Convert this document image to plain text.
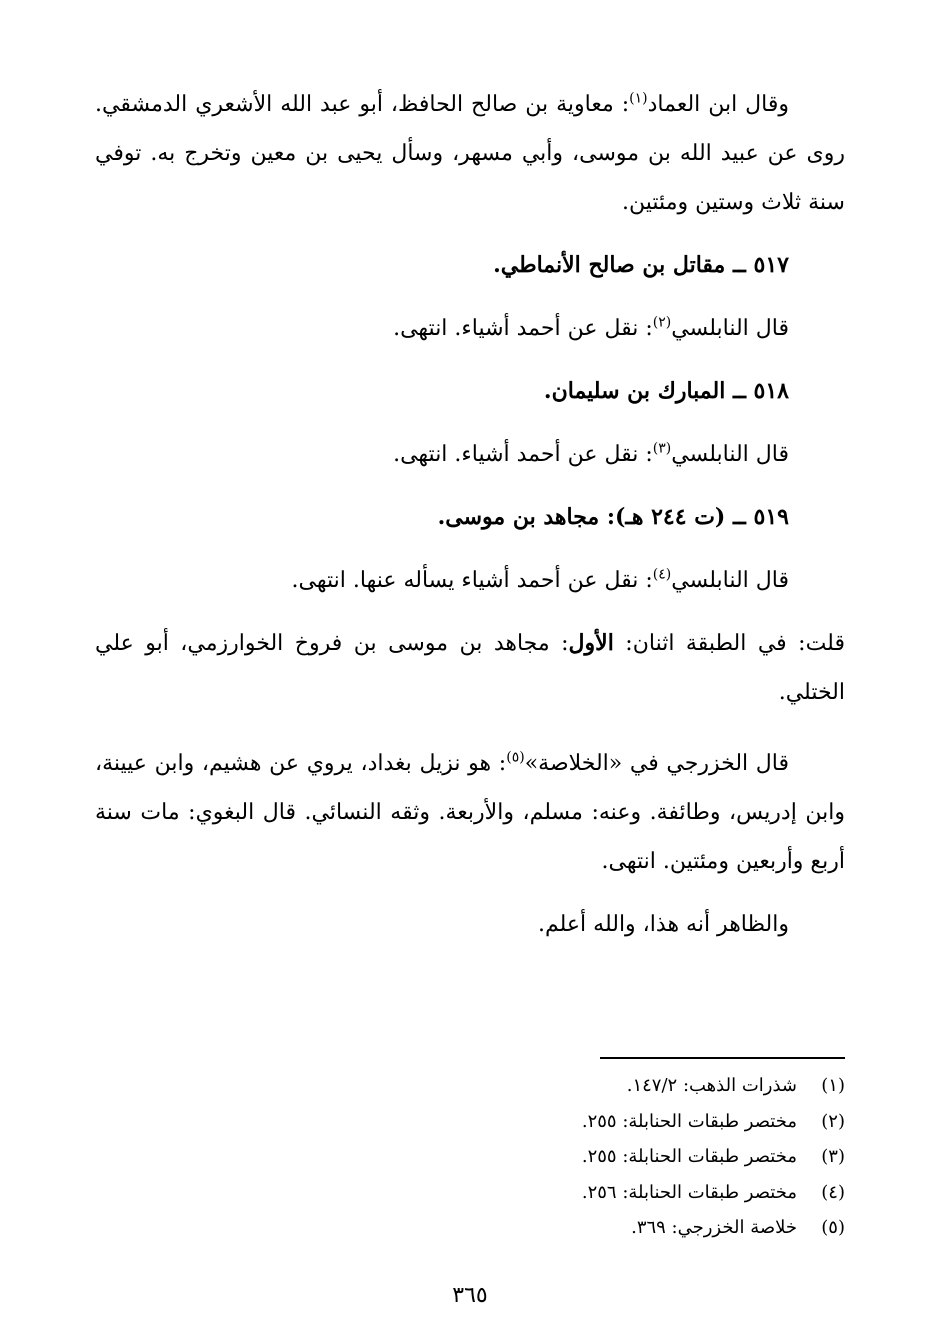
وقال ابن العماد$^{(١)}$: معاوية بن صالح الحافظ، أبو عبد الله الأشعري الدمشقي. روى عن عبيد الله بن موسى، وأبي مسهر، وسأل يحيى بن معين وتخرج به. توفي سنة ثلاث وستين ومئتين.

٥١٧ ــ مقاتل بن صالح الأنماطي.

قال النابلسي$^{(٢)}$: نقل عن أحمد أشياء. انتهى.

٥١٨ ــ المبارك بن سليمان.

قال النابلسي$^{(٣)}$: نقل عن أحمد أشياء. انتهى.

٥١٩ ــ (ت ٢٤٤ هـ): مجاهد بن موسى.

قال النابلسي$^{(٤)}$: نقل عن أحمد أشياء يسأله عنها. انتهى.

قلت: في الطبقة اثنان: الأول: مجاهد بن موسى بن فروخ الخوارزمي، أبو علي الختلي.

قال الخزرجي في «الخلاصة»$^{(٥)}$: هو نزيل بغداد، يروي عن هشيم، وابن عيينة، وابن إدريس، وطائفة. وعنه: مسلم، والأربعة. وثقه النسائي. قال البغوي: مات سنة أربع وأربعين ومئتين. انتهى.

والظاهر أنه هذا، والله أعلم.

(١)شذرات الذهب: ١٤٧/٢.

(٢)مختصر طبقات الحنابلة: ٢٥٥.

(٣)مختصر طبقات الحنابلة: ٢٥٥.

(٤)مختصر طبقات الحنابلة: ٢٥٦.

(٥)خلاصة الخزرجي: ٣٦٩.

٣٦٥
